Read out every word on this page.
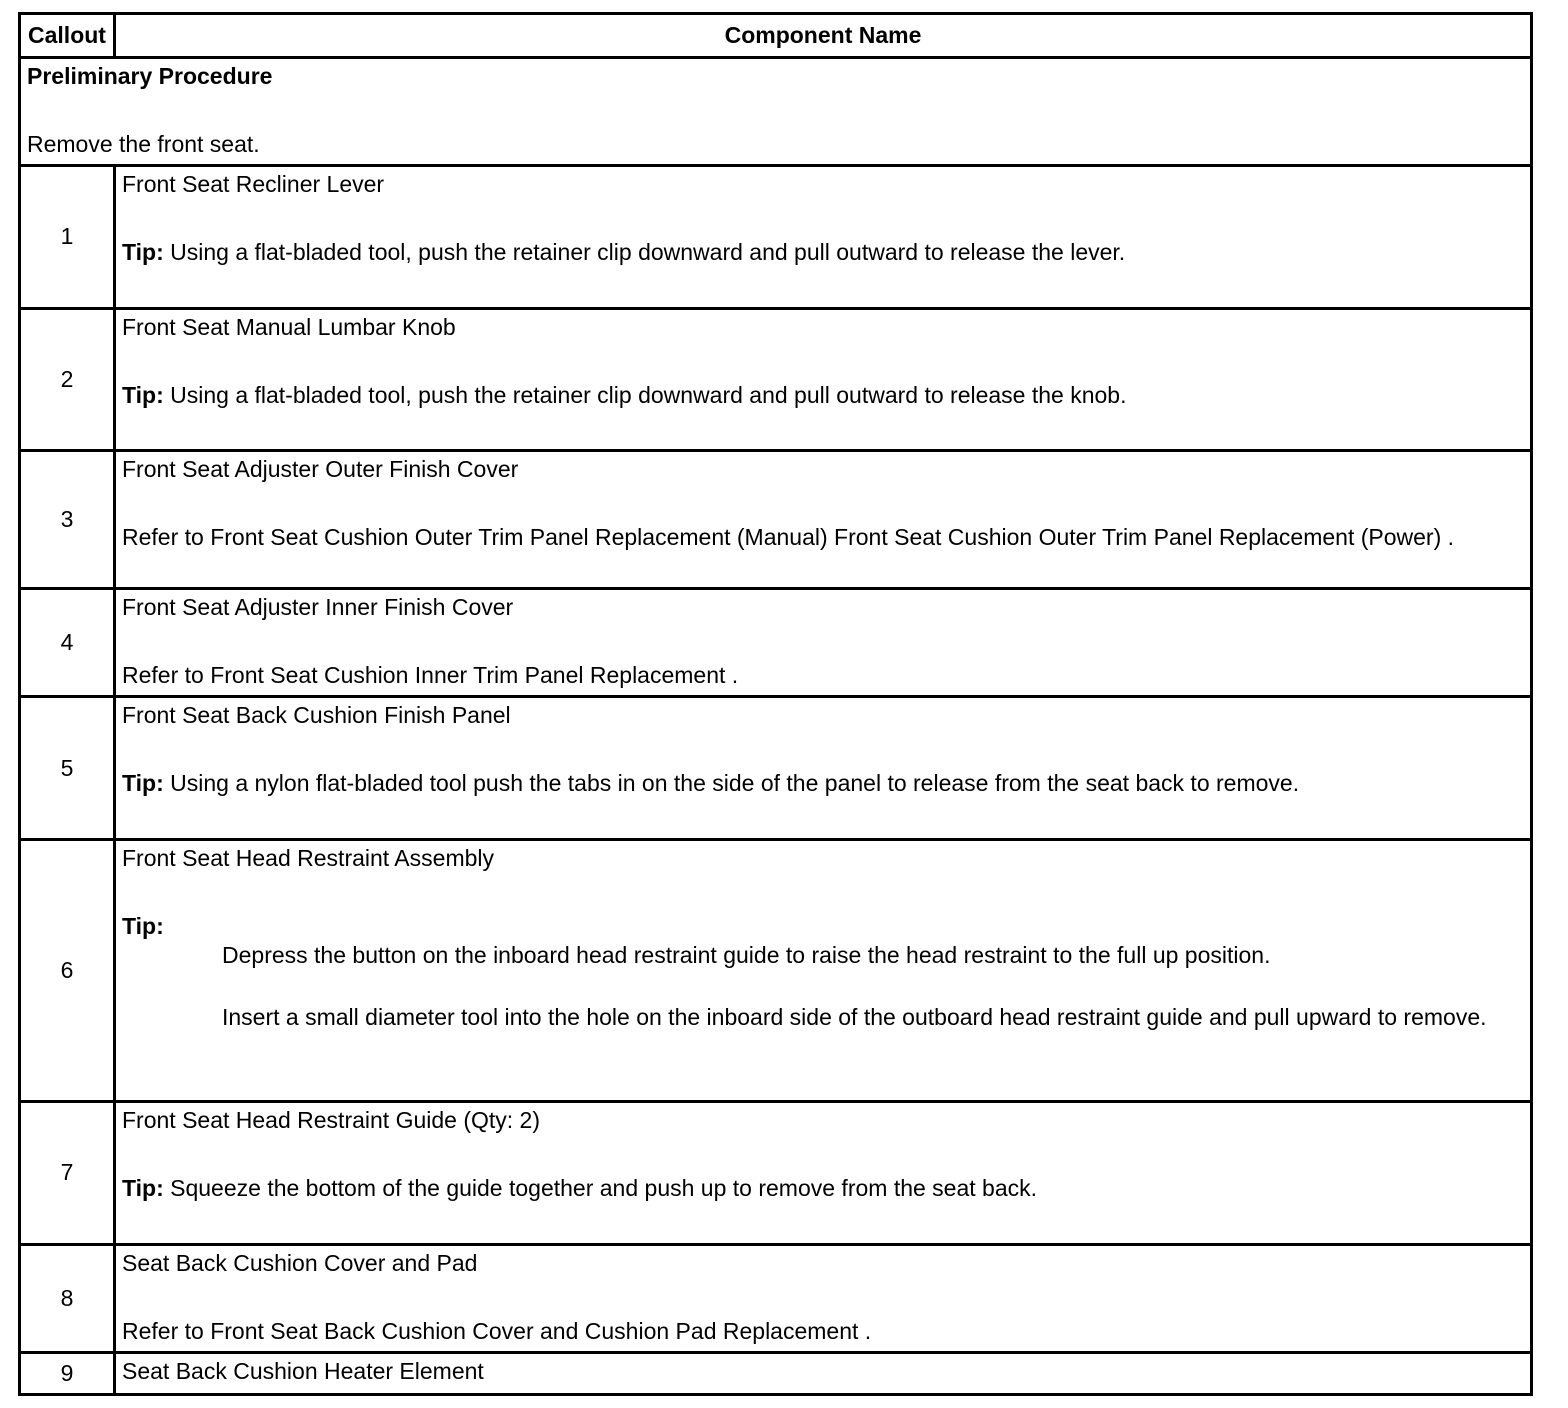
Callout	Component Name

Preliminary Procedure

Remove the front seat.	

1	Front Seat Recliner Lever

Tip: Using a flat-bladed tool, push the retainer clip downward and pull outward to release the lever.

2	Front Seat Manual Lumbar Knob

Tip: Using a flat-bladed tool, push the retainer clip downward and pull outward to release the knob.

3	Front Seat Adjuster Outer Finish Cover

Refer to Front Seat Cushion Outer Trim Panel Replacement (Manual) Front Seat Cushion Outer Trim Panel Replacement (Power) .

4	Front Seat Adjuster Inner Finish Cover

Refer to Front Seat Cushion Inner Trim Panel Replacement .

5	Front Seat Back Cushion Finish Panel

Tip: Using a nylon flat-bladed tool push the tabs in on the side of the panel to release from the seat back to remove.

6	Front Seat Head Restraint Assembly

Tip:

Depress the button on the inboard head restraint guide to raise the head restraint to the full up position.

Insert a small diameter tool into the hole on the inboard side of the outboard head restraint guide and pull upward to remove.

7	Front Seat Head Restraint Guide (Qty: 2)

Tip: Squeeze the bottom of the guide together and push up to remove from the seat back.

8	Seat Back Cushion Cover and Pad

Refer to Front Seat Back Cushion Cover and Cushion Pad Replacement .

9	Seat Back Cushion Heater Element
